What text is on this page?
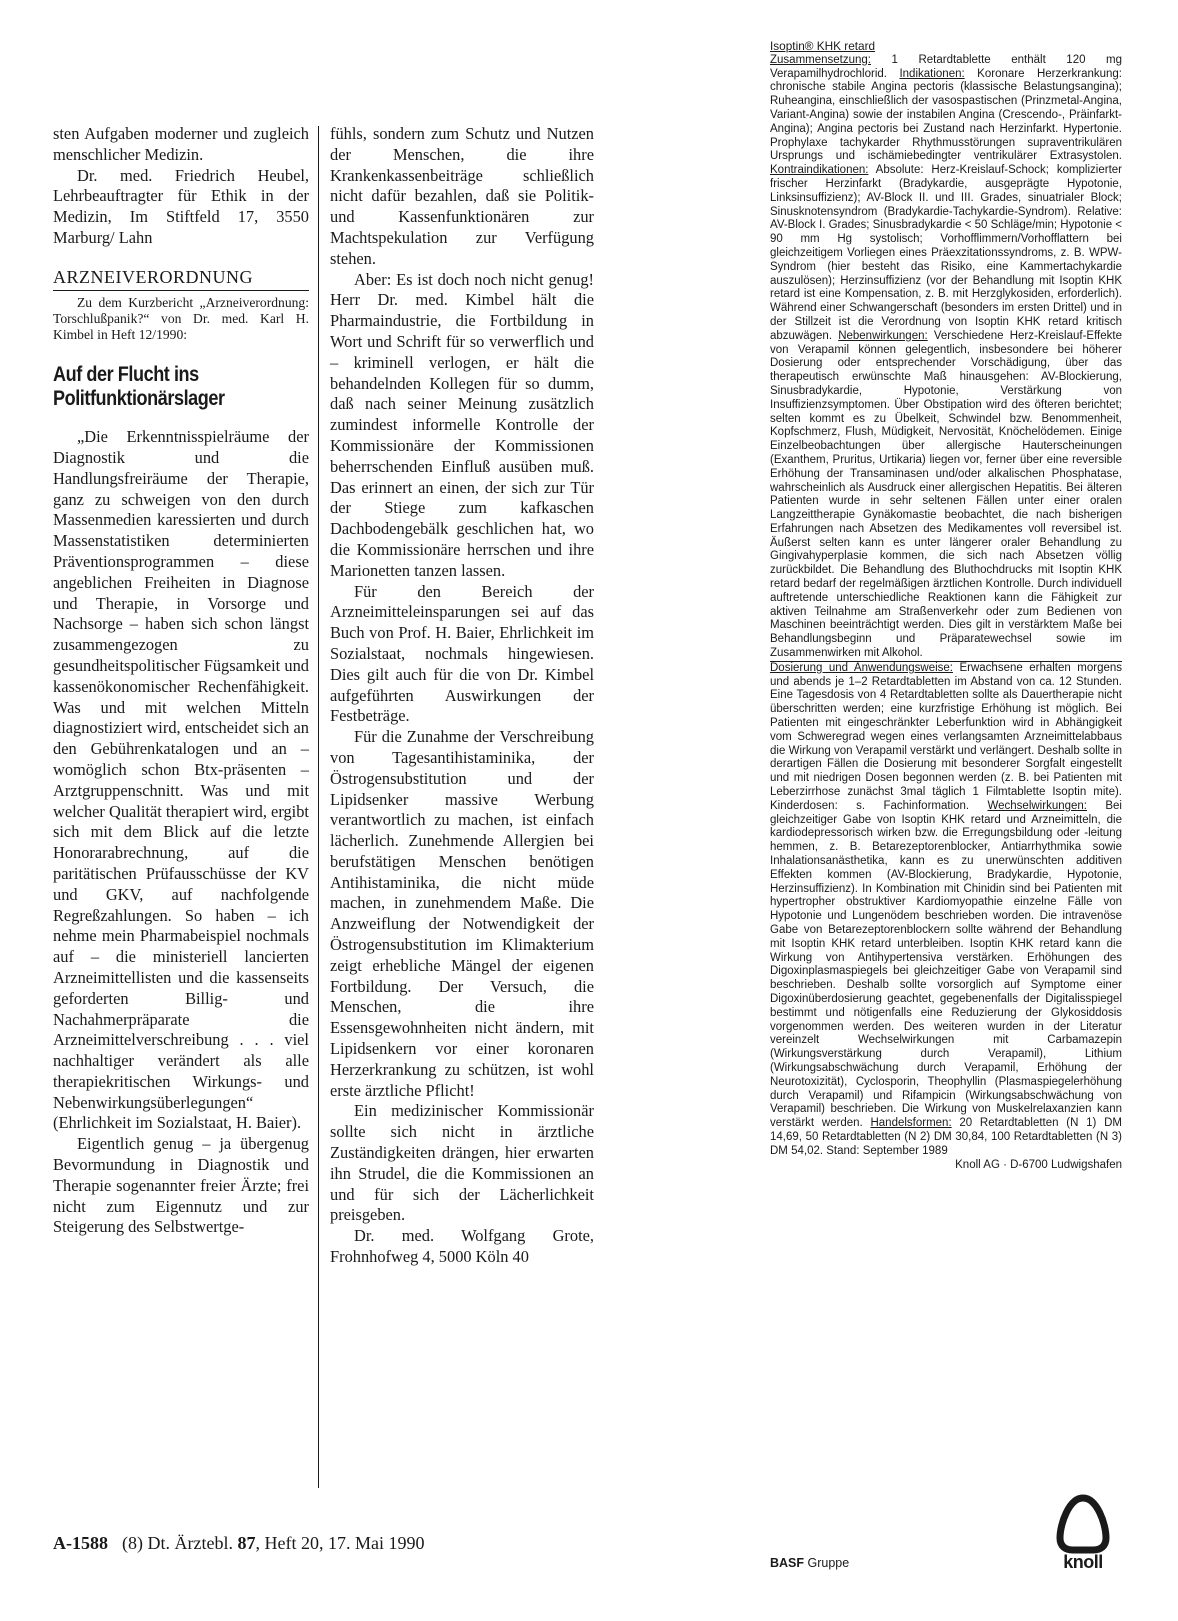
sten Aufgaben moderner und zugleich menschlicher Medizin.

Dr. med. Friedrich Heubel, Lehrbeauftragter für Ethik in der Medizin, Im Stiftfeld 17, 3550 Marburg/ Lahn

ARZNEIVERORDNUNG

Zu dem Kurzbericht „Arzneiverordnung: Torschlußpanik?“ von Dr. med. Karl H. Kimbel in Heft 12/1990:

Auf der Flucht ins Politfunktionärslager

„Die Erkenntnisspielräume der Diagnostik und die Handlungsfreiräume der Therapie, ganz zu schweigen von den durch Massenmedien karessierten und durch Massenstatistiken determinierten Präventionsprogrammen – diese angeblichen Freiheiten in Diagnose und Therapie, in Vorsorge und Nachsorge – haben sich schon längst zusammengezogen zu gesundheitspolitischer Fügsamkeit und kassenökonomischer Rechenfähigkeit. Was und mit welchen Mitteln diagnostiziert wird, entscheidet sich an den Gebührenkatalogen und an – womöglich schon Btx-präsenten – Arztgruppenschnitt. Was und mit welcher Qualität therapiert wird, ergibt sich mit dem Blick auf die letzte Honorarabrechnung, auf die paritätischen Prüfausschüsse der KV und GKV, auf nachfolgende Regreßzahlungen. So haben – ich nehme mein Pharmabeispiel nochmals auf – die ministeriell lancierten Arzneimittellisten und die kassenseits geforderten Billig- und Nachahmerpräparate die Arzneimittelverschreibung . . . viel nachhaltiger verändert als alle therapiekritischen Wirkungs- und Nebenwirkungsüberlegungen“ (Ehrlichkeit im Sozialstaat, H. Baier).

Eigentlich genug – ja übergenug Bevormundung in Diagnostik und Therapie sogenannter freier Ärzte; frei nicht zum Eigennutz und zur Steigerung des Selbstwertge-

fühls, sondern zum Schutz und Nutzen der Menschen, die ihre Krankenkassenbeiträge schließlich nicht dafür bezahlen, daß sie Politik- und Kassenfunktionären zur Machtspekulation zur Verfügung stehen.

Aber: Es ist doch noch nicht genug! Herr Dr. med. Kimbel hält die Pharmaindustrie, die Fortbildung in Wort und Schrift für so verwerflich und – kriminell verlogen, er hält die behandelnden Kollegen für so dumm, daß nach seiner Meinung zusätzlich zumindest informelle Kontrolle der Kommissionäre der Kommissionen beherrschenden Einfluß ausüben muß. Das erinnert an einen, der sich zur Tür der Stiege zum kafkaschen Dachbodengebälk geschlichen hat, wo die Kommissionäre herrschen und ihre Marionetten tanzen lassen.

Für den Bereich der Arzneimitteleinsparungen sei auf das Buch von Prof. H. Baier, Ehrlichkeit im Sozialstaat, nochmals hingewiesen. Dies gilt auch für die von Dr. Kimbel aufgeführten Auswirkungen der Festbeträge.

Für die Zunahme der Verschreibung von Tagesantihistaminika, der Östrogensubstitution und der Lipidsenker massive Werbung verantwortlich zu machen, ist einfach lächerlich. Zunehmende Allergien bei berufstätigen Menschen benötigen Antihistaminika, die nicht müde machen, in zunehmendem Maße. Die Anzweiflung der Notwendigkeit der Östrogensubstitution im Klimakterium zeigt erhebliche Mängel der eigenen Fortbildung. Der Versuch, die Menschen, die ihre Essensgewohnheiten nicht ändern, mit Lipidsenkern vor einer koronaren Herzerkrankung zu schützen, ist wohl erste ärztliche Pflicht!

Ein medizinischer Kommissionär sollte sich nicht in ärztliche Zuständigkeiten drängen, hier erwarten ihn Strudel, die die Kommissionen an und für sich der Lächerlichkeit preisgeben.

Dr. med. Wolfgang Grote, Frohnhofweg 4, 5000 Köln 40

Isoptin® KHK retard

Zusammensetzung: 1 Retardtablette enthält 120 mg Verapamilhydrochlorid. Indikationen: Koronare Herzerkrankung: chronische stabile Angina pectoris (klassische Belastungsangina); Ruheangina, einschließlich der vasospastischen (Prinzmetal-Angina, Variant-Angina) sowie der instabilen Angina (Crescendo-, Präinfarkt-Angina); Angina pectoris bei Zustand nach Herzinfarkt. Hypertonie. Prophylaxe tachykarder Rhythmusstörungen supraventrikulären Ursprungs und ischämiebedingter ventrikulärer Extrasystolen. Kontraindikationen: Absolute: Herz-Kreislauf-Schock; komplizierter frischer Herzinfarkt (Bradykardie, ausgeprägte Hypotonie, Linksinsuffizienz); AV-Block II. und III. Grades, sinuatrialer Block; Sinusknotensyndrom (Bradykardie-Tachykardie-Syndrom). Relative: AV-Block I. Grades; Sinusbradykardie < 50 Schläge/min; Hypotonie < 90 mm Hg systolisch; Vorhofflimmern/Vorhofflattern bei gleichzeitigem Vorliegen eines Präexzitationssyndroms, z. B. WPW-Syndrom (hier besteht das Risiko, eine Kammertachykardie auszulösen); Herzinsuffizienz (vor der Behandlung mit Isoptin KHK retard ist eine Kompensation, z. B. mit Herzglykosiden, erforderlich). Während einer Schwangerschaft (besonders im ersten Drittel) und in der Stillzeit ist die Verordnung von Isoptin KHK retard kritisch abzuwägen. Nebenwirkungen: Verschiedene Herz-Kreislauf-Effekte von Verapamil können gelegentlich, insbesondere bei höherer Dosierung oder entsprechender Vorschädigung, über das therapeutisch erwünschte Maß hinausgehen: AV-Blockierung, Sinusbradykardie, Hypotonie, Verstärkung von Insuffizienzsymptomen. Über Obstipation wird des öfteren berichtet; selten kommt es zu Übelkeit, Schwindel bzw. Benommenheit, Kopfschmerz, Flush, Müdigkeit, Nervosität, Knöchelödemen. Einige Einzelbeobachtungen über allergische Hauterscheinungen (Exanthem, Pruritus, Urtikaria) liegen vor, ferner über eine reversible Erhöhung der Transaminasen und/oder alkalischen Phosphatase, wahrscheinlich als Ausdruck einer allergischen Hepatitis. Bei älteren Patienten wurde in sehr seltenen Fällen unter einer oralen Langzeittherapie Gynäkomastie beobachtet, die nach bisherigen Erfahrungen nach Absetzen des Medikamentes voll reversibel ist. Äußerst selten kann es unter längerer oraler Behandlung zu Gingivahyperplasie kommen, die sich nach Absetzen völlig zurückbildet. Die Behandlung des Bluthochdrucks mit Isoptin KHK retard bedarf der regelmäßigen ärztlichen Kontrolle. Durch individuell auftretende unterschiedliche Reaktionen kann die Fähigkeit zur aktiven Teilnahme am Straßenverkehr oder zum Bedienen von Maschinen beeinträchtigt werden. Dies gilt in verstärktem Maße bei Behandlungsbeginn und Präparatewechsel sowie im Zusammenwirken mit Alkohol.

Dosierung und Anwendungsweise: Erwachsene erhalten morgens und abends je 1–2 Retardtabletten im Abstand von ca. 12 Stunden. Eine Tagesdosis von 4 Retardtabletten sollte als Dauertherapie nicht überschritten werden; eine kurzfristige Erhöhung ist möglich. Bei Patienten mit eingeschränkter Leberfunktion wird in Abhängigkeit vom Schweregrad wegen eines verlangsamten Arzneimittelabbaus die Wirkung von Verapamil verstärkt und verlängert. Deshalb sollte in derartigen Fällen die Dosierung mit besonderer Sorgfalt eingestellt und mit niedrigen Dosen begonnen werden (z. B. bei Patienten mit Leberzirrhose zunächst 3mal täglich 1 Filmtablette Isoptin mite). Kinderdosen: s. Fachinformation. Wechselwirkungen: Bei gleichzeitiger Gabe von Isoptin KHK retard und Arzneimitteln, die kardiodepressorisch wirken bzw. die Erregungsbildung oder -leitung hemmen, z. B. Betarezeptorenblocker, Antiarrhythmika sowie Inhalationsanästhetika, kann es zu unerwünschten additiven Effekten kommen (AV-Blockierung, Bradykardie, Hypotonie, Herzinsuffizienz). In Kombination mit Chinidin sind bei Patienten mit hypertropher obstruktiver Kardiomyopathie einzelne Fälle von Hypotonie und Lungenödem beschrieben worden. Die intravenöse Gabe von Betarezeptorenblockern sollte während der Behandlung mit Isoptin KHK retard unterbleiben. Isoptin KHK retard kann die Wirkung von Antihypertensiva verstärken. Erhöhungen des Digoxinplasmaspiegels bei gleichzeitiger Gabe von Verapamil sind beschrieben. Deshalb sollte vorsorglich auf Symptome einer Digoxinüberdosierung geachtet, gegebenenfalls der Digitalisspiegel bestimmt und nötigenfalls eine Reduzierung der Glykosiddosis vorgenommen werden. Des weiteren wurden in der Literatur vereinzelt Wechselwirkungen mit Carbamazepin (Wirkungsverstärkung durch Verapamil), Lithium (Wirkungsabschwächung durch Verapamil, Erhöhung der Neurotoxizität), Cyclosporin, Theophyllin (Plasmaspiegelerhöhung durch Verapamil) und Rifampicin (Wirkungsabschwächung von Verapamil) beschrieben. Die Wirkung von Muskelrelaxanzien kann verstärkt werden. Handelsformen: 20 Retardtabletten (N 1) DM 14,69, 50 Retardtabletten (N 2) DM 30,84, 100 Retardtabletten (N 3) DM 54,02. Stand: September 1989

Knoll AG · D-6700 Ludwigshafen

A-1588 (8) Dt. Ärztebl. 87, Heft 20, 17. Mai 1990
BASF Gruppe	knoll
